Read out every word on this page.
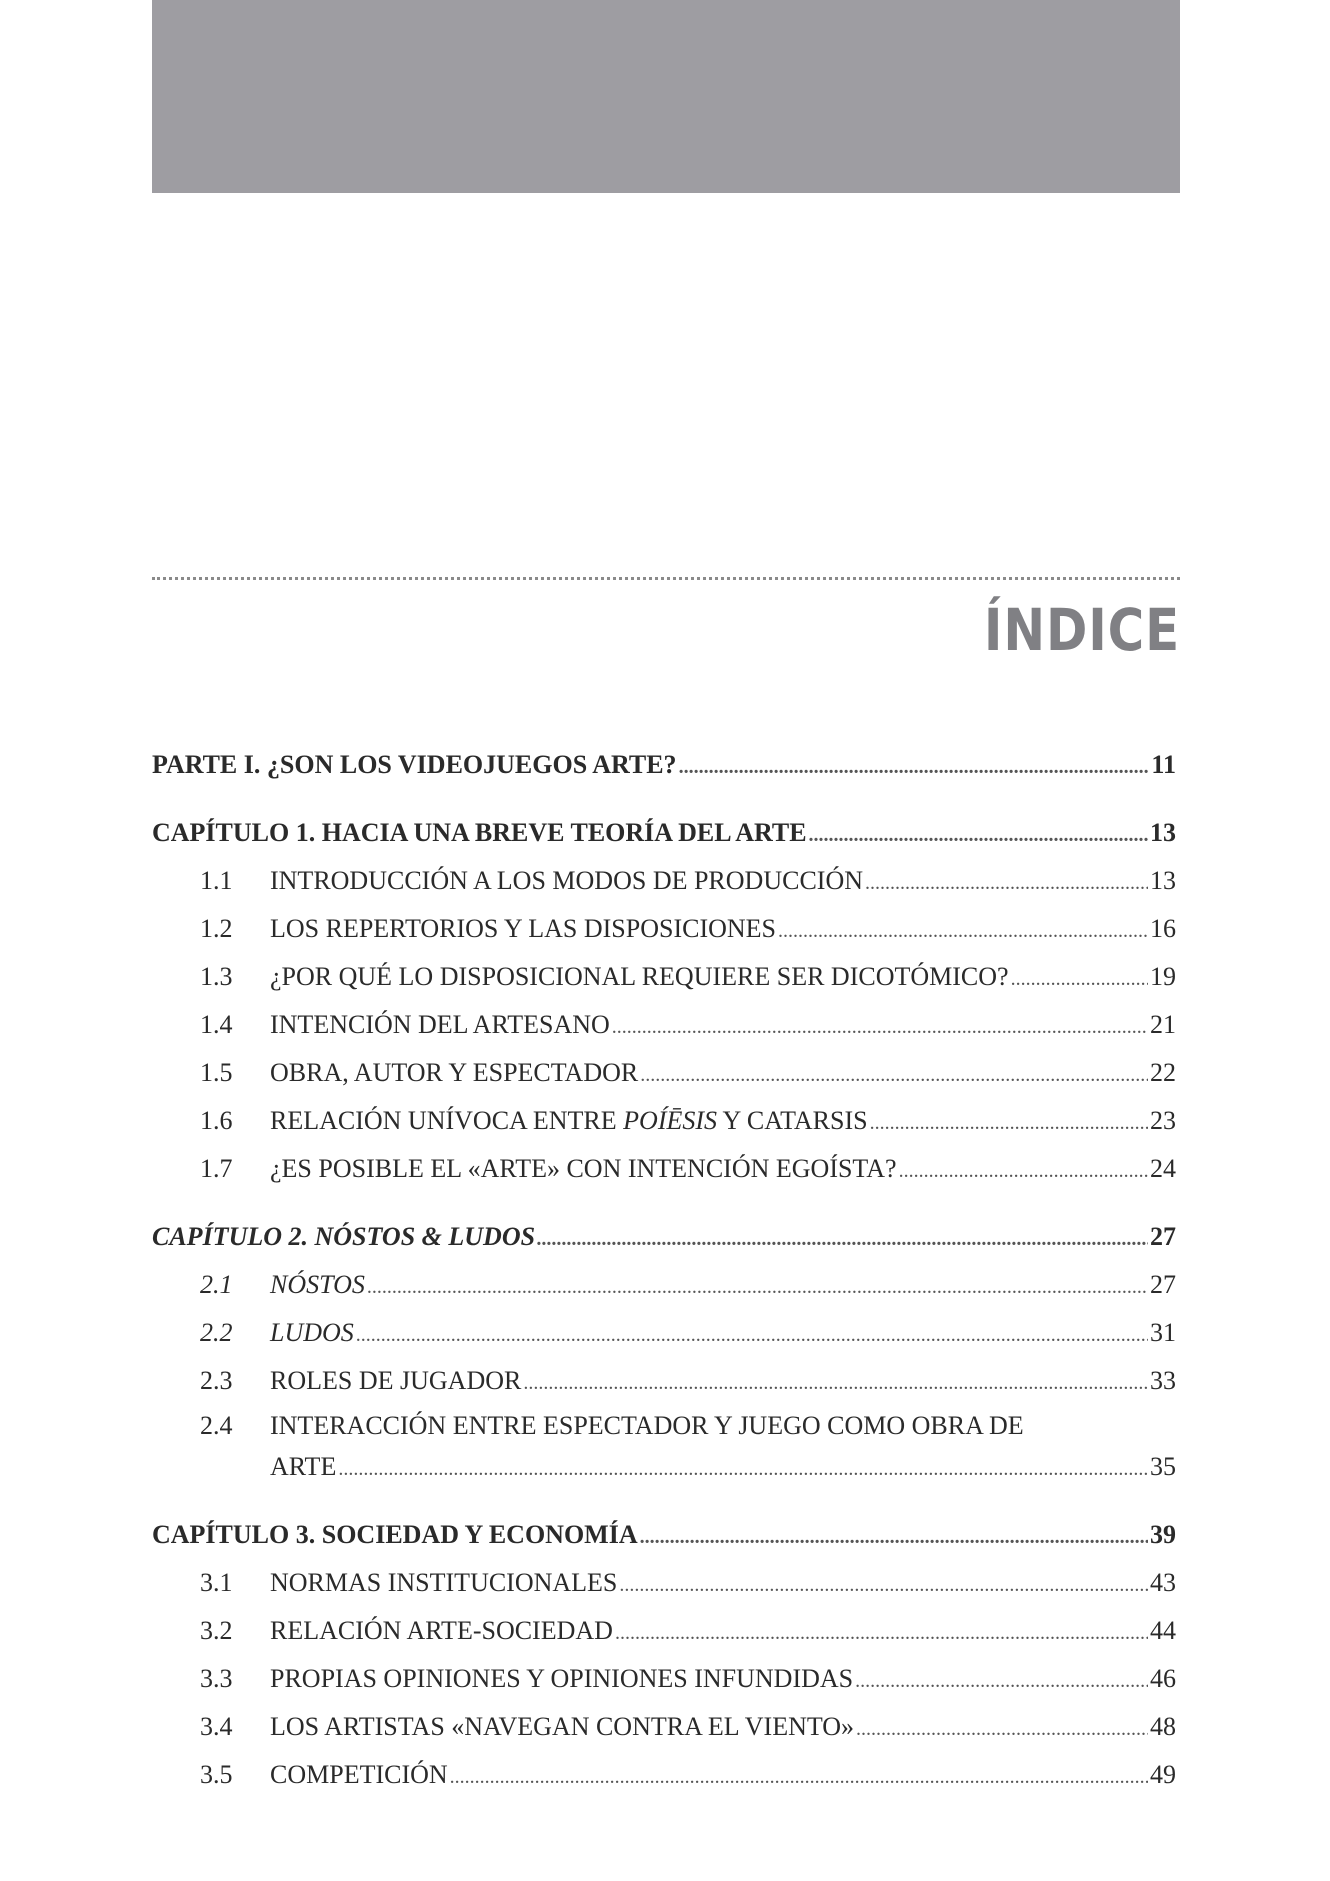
ÍNDICE
PARTE I. ¿SON LOS VIDEOJUEGOS ARTE? .....	11
CAPÍTULO 1. HACIA UNA BREVE TEORÍA DEL ARTE .....	13
1.1	INTRODUCCIÓN A LOS MODOS DE PRODUCCIÓN .....	13
1.2	LOS REPERTORIOS Y LAS DISPOSICIONES .....	16
1.3	¿POR QUÉ LO DISPOSICIONAL REQUIERE SER DICOTÓMICO? .....	19
1.4	INTENCIÓN DEL ARTESANO .....	21
1.5	OBRA, AUTOR Y ESPECTADOR .....	22
1.6	RELACIÓN UNÍVOCA ENTRE POÍĒSIS Y CATARSIS .....	23
1.7	¿ES POSIBLE EL «ARTE» CON INTENCIÓN EGOÍSTA? .....	24
CAPÍTULO 2. NÓSTOS & LUDOS .....	27
2.1	NÓSTOS .....	27
2.2	LUDOS .....	31
2.3	ROLES DE JUGADOR .....	33
2.4	INTERACCIÓN ENTRE ESPECTADOR Y JUEGO COMO OBRA DE
ARTE .....	35
CAPÍTULO 3. SOCIEDAD Y ECONOMÍA .....	39
3.1	NORMAS INSTITUCIONALES .....	43
3.2	RELACIÓN ARTE-SOCIEDAD .....	44
3.3	PROPIAS OPINIONES Y OPINIONES INFUNDIDAS .....	46
3.4	LOS ARTISTAS «NAVEGAN CONTRA EL VIENTO» .....	48
3.5	COMPETICIÓN .....	49
